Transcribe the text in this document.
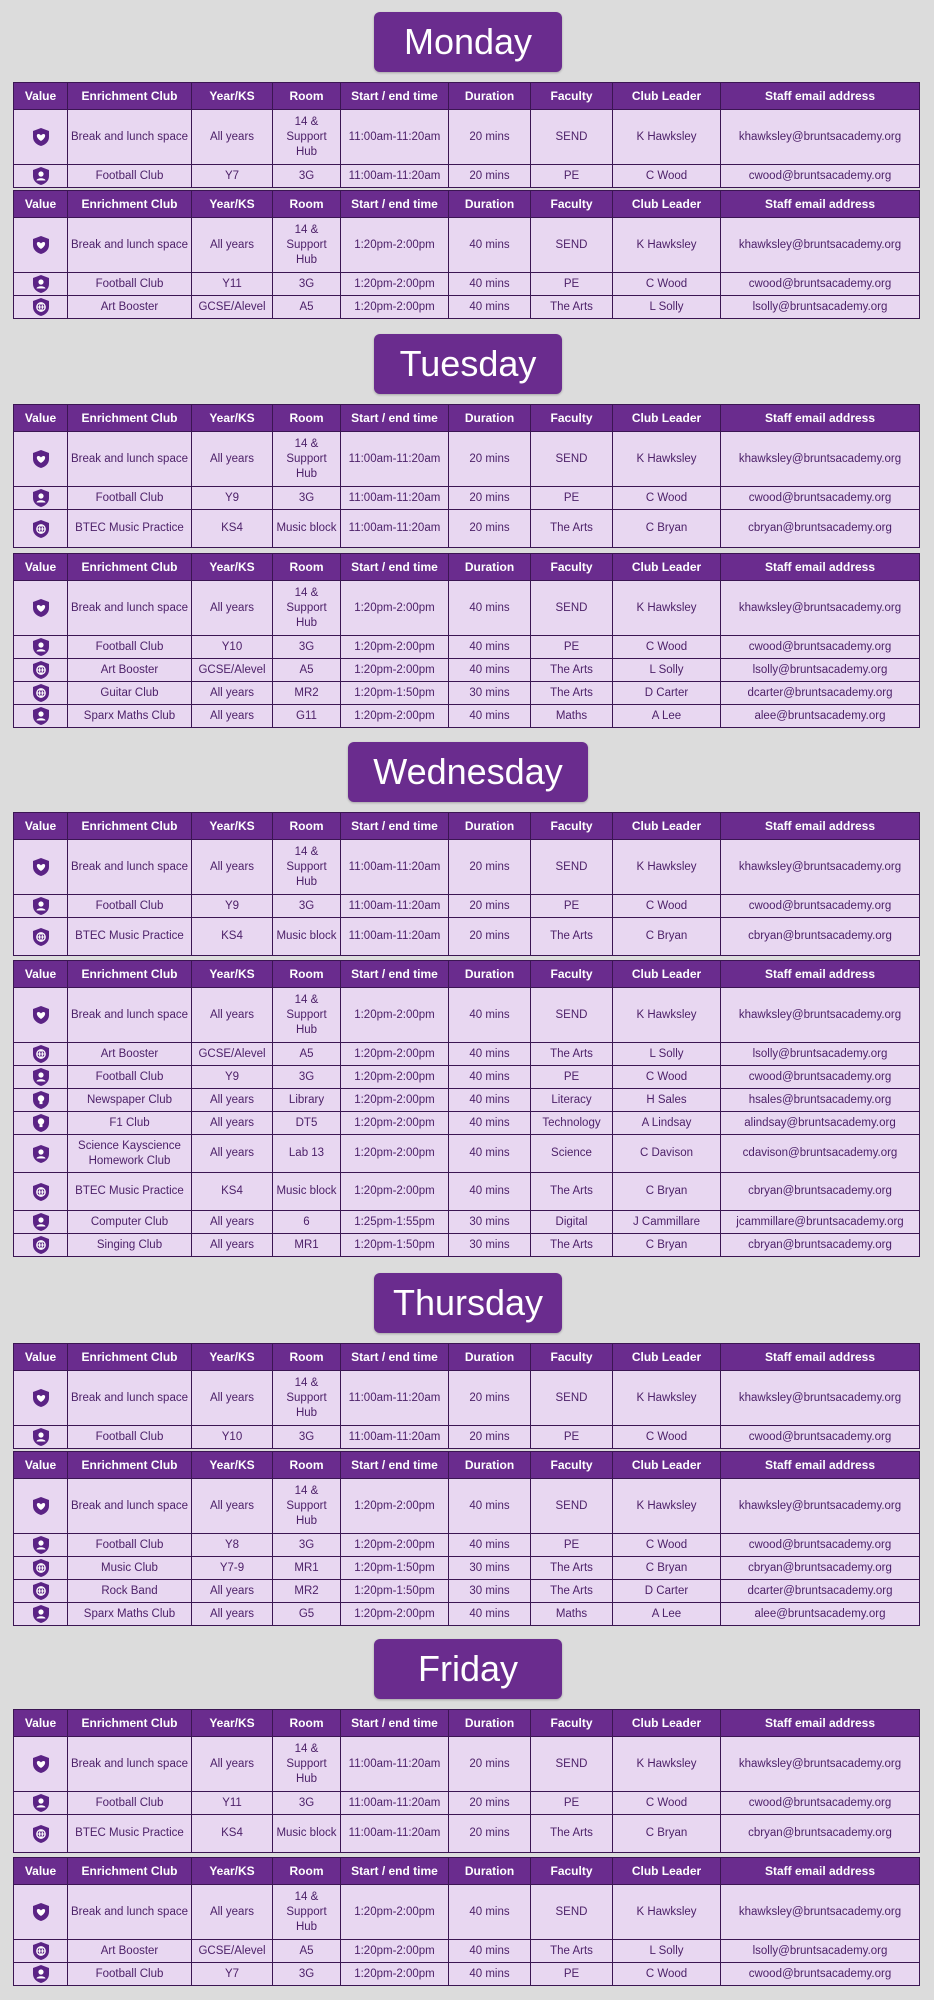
Monday
Value	Enrichment Club	Year/KS	Room	Start / end time	Duration	Faculty	Club Leader	Staff email address

	Break and lunch space	All years	14 & Support Hub	11:00am-11:20am	20 mins	SEND	K Hawksley	khawksley@bruntsacademy.org

	Football Club	Y7	3G	11:00am-11:20am	20 mins	PE	C Wood	cwood@bruntsacademy.org
Value	Enrichment Club	Year/KS	Room	Start / end time	Duration	Faculty	Club Leader	Staff email address

	Break and lunch space	All years	14 & Support Hub	1:20pm-2:00pm	40 mins	SEND	K Hawksley	khawksley@bruntsacademy.org

	Football Club	Y11	3G	1:20pm-2:00pm	40 mins	PE	C Wood	cwood@bruntsacademy.org

	Art Booster	GCSE/Alevel	A5	1:20pm-2:00pm	40 mins	The Arts	L Solly	lsolly@bruntsacademy.org
Tuesday
Value	Enrichment Club	Year/KS	Room	Start / end time	Duration	Faculty	Club Leader	Staff email address

	Break and lunch space	All years	14 & Support Hub	11:00am-11:20am	20 mins	SEND	K Hawksley	khawksley@bruntsacademy.org

	Football Club	Y9	3G	11:00am-11:20am	20 mins	PE	C Wood	cwood@bruntsacademy.org

	BTEC Music Practice	KS4	Music block	11:00am-11:20am	20 mins	The Arts	C Bryan	cbryan@bruntsacademy.org
Value	Enrichment Club	Year/KS	Room	Start / end time	Duration	Faculty	Club Leader	Staff email address

	Break and lunch space	All years	14 & Support Hub	1:20pm-2:00pm	40 mins	SEND	K Hawksley	khawksley@bruntsacademy.org

	Football Club	Y10	3G	1:20pm-2:00pm	40 mins	PE	C Wood	cwood@bruntsacademy.org

	Art Booster	GCSE/Alevel	A5	1:20pm-2:00pm	40 mins	The Arts	L Solly	lsolly@bruntsacademy.org

	Guitar Club	All years	MR2	1:20pm-1:50pm	30 mins	The Arts	D Carter	dcarter@bruntsacademy.org

	Sparx Maths Club	All years	G11	1:20pm-2:00pm	40 mins	Maths	A Lee	alee@bruntsacademy.org
Wednesday
Value	Enrichment Club	Year/KS	Room	Start / end time	Duration	Faculty	Club Leader	Staff email address

	Break and lunch space	All years	14 & Support Hub	11:00am-11:20am	20 mins	SEND	K Hawksley	khawksley@bruntsacademy.org

	Football Club	Y9	3G	11:00am-11:20am	20 mins	PE	C Wood	cwood@bruntsacademy.org

	BTEC Music Practice	KS4	Music block	11:00am-11:20am	20 mins	The Arts	C Bryan	cbryan@bruntsacademy.org
Value	Enrichment Club	Year/KS	Room	Start / end time	Duration	Faculty	Club Leader	Staff email address

	Break and lunch space	All years	14 & Support Hub	1:20pm-2:00pm	40 mins	SEND	K Hawksley	khawksley@bruntsacademy.org

	Art Booster	GCSE/Alevel	A5	1:20pm-2:00pm	40 mins	The Arts	L Solly	lsolly@bruntsacademy.org

	Football Club	Y9	3G	1:20pm-2:00pm	40 mins	PE	C Wood	cwood@bruntsacademy.org

	Newspaper Club	All years	Library	1:20pm-2:00pm	40 mins	Literacy	H Sales	hsales@bruntsacademy.org

	F1 Club	All years	DT5	1:20pm-2:00pm	40 mins	Technology	A Lindsay	alindsay@bruntsacademy.org

	Science Kayscience Homework Club	All years	Lab 13	1:20pm-2:00pm	40 mins	Science	C Davison	cdavison@bruntsacademy.org

	BTEC Music Practice	KS4	Music block	1:20pm-2:00pm	40 mins	The Arts	C Bryan	cbryan@bruntsacademy.org

	Computer Club	All years	6	1:25pm-1:55pm	30 mins	Digital	J Cammillare	jcammillare@bruntsacademy.org

	Singing Club	All years	MR1	1:20pm-1:50pm	30 mins	The Arts	C Bryan	cbryan@bruntsacademy.org
Thursday
Value	Enrichment Club	Year/KS	Room	Start / end time	Duration	Faculty	Club Leader	Staff email address

	Break and lunch space	All years	14 & Support Hub	11:00am-11:20am	20 mins	SEND	K Hawksley	khawksley@bruntsacademy.org

	Football Club	Y10	3G	11:00am-11:20am	20 mins	PE	C Wood	cwood@bruntsacademy.org
Value	Enrichment Club	Year/KS	Room	Start / end time	Duration	Faculty	Club Leader	Staff email address

	Break and lunch space	All years	14 & Support Hub	1:20pm-2:00pm	40 mins	SEND	K Hawksley	khawksley@bruntsacademy.org

	Football Club	Y8	3G	1:20pm-2:00pm	40 mins	PE	C Wood	cwood@bruntsacademy.org

	Music Club	Y7-9	MR1	1:20pm-1:50pm	30 mins	The Arts	C Bryan	cbryan@bruntsacademy.org

	Rock Band	All years	MR2	1:20pm-1:50pm	30 mins	The Arts	D Carter	dcarter@bruntsacademy.org

	Sparx Maths Club	All years	G5	1:20pm-2:00pm	40 mins	Maths	A Lee	alee@bruntsacademy.org
Friday
Value	Enrichment Club	Year/KS	Room	Start / end time	Duration	Faculty	Club Leader	Staff email address

	Break and lunch space	All years	14 & Support Hub	11:00am-11:20am	20 mins	SEND	K Hawksley	khawksley@bruntsacademy.org

	Football Club	Y11	3G	11:00am-11:20am	20 mins	PE	C Wood	cwood@bruntsacademy.org

	BTEC Music Practice	KS4	Music block	11:00am-11:20am	20 mins	The Arts	C Bryan	cbryan@bruntsacademy.org
Value	Enrichment Club	Year/KS	Room	Start / end time	Duration	Faculty	Club Leader	Staff email address

	Break and lunch space	All years	14 & Support Hub	1:20pm-2:00pm	40 mins	SEND	K Hawksley	khawksley@bruntsacademy.org

	Art Booster	GCSE/Alevel	A5	1:20pm-2:00pm	40 mins	The Arts	L Solly	lsolly@bruntsacademy.org

	Football Club	Y7	3G	1:20pm-2:00pm	40 mins	PE	C Wood	cwood@bruntsacademy.org
